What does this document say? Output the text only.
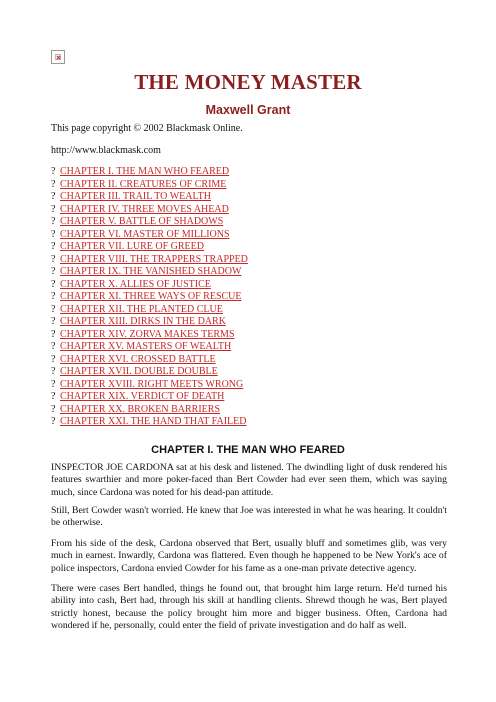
THE MONEY MASTER
Maxwell Grant
This page copyright © 2002 Blackmask Online.
http://www.blackmask.com
? CHAPTER I. THE MAN WHO FEARED
? CHAPTER II. CREATURES OF CRIME
? CHAPTER III. TRAIL TO WEALTH
? CHAPTER IV. THREE MOVES AHEAD
? CHAPTER V. BATTLE OF SHADOWS
? CHAPTER VI. MASTER OF MILLIONS
? CHAPTER VII. LURE OF GREED
? CHAPTER VIII. THE TRAPPERS TRAPPED
? CHAPTER IX. THE VANISHED SHADOW
? CHAPTER X. ALLIES OF JUSTICE
? CHAPTER XI. THREE WAYS OF RESCUE
? CHAPTER XII. THE PLANTED CLUE
? CHAPTER XIII. DIRKS IN THE DARK
? CHAPTER XIV. ZORVA MAKES TERMS
? CHAPTER XV. MASTERS OF WEALTH
? CHAPTER XVI. CROSSED BATTLE
? CHAPTER XVII. DOUBLE DOUBLE
? CHAPTER XVIII. RIGHT MEETS WRONG
? CHAPTER XIX. VERDICT OF DEATH
? CHAPTER XX. BROKEN BARRIERS
? CHAPTER XXI. THE HAND THAT FAILED
CHAPTER I. THE MAN WHO FEARED

INSPECTOR JOE CARDONA sat at his desk and listened. The dwindling light of dusk rendered his features swarthier and more poker-faced than Bert Cowder had ever seen them, which was saying much, since Cardona was noted for his dead-pan attitude.

Still, Bert Cowder wasn't worried. He knew that Joe was interested in what he was hearing. It couldn't be otherwise.

From his side of the desk, Cardona observed that Bert, usually bluff and sometimes glib, was very much in earnest. Inwardly, Cardona was flattered. Even though he happened to be New York's ace of police inspectors, Cardona envied Cowder for his fame as a one-man private detective agency.

There were cases Bert handled, things he found out, that brought him large return. He'd turned his ability into cash, Bert had, through his skill at handling clients. Shrewd though he was, Bert played strictly honest, because the policy brought him more and bigger business. Often, Cardona had wondered if he, personally, could enter the field of private investigation and do half as well.
